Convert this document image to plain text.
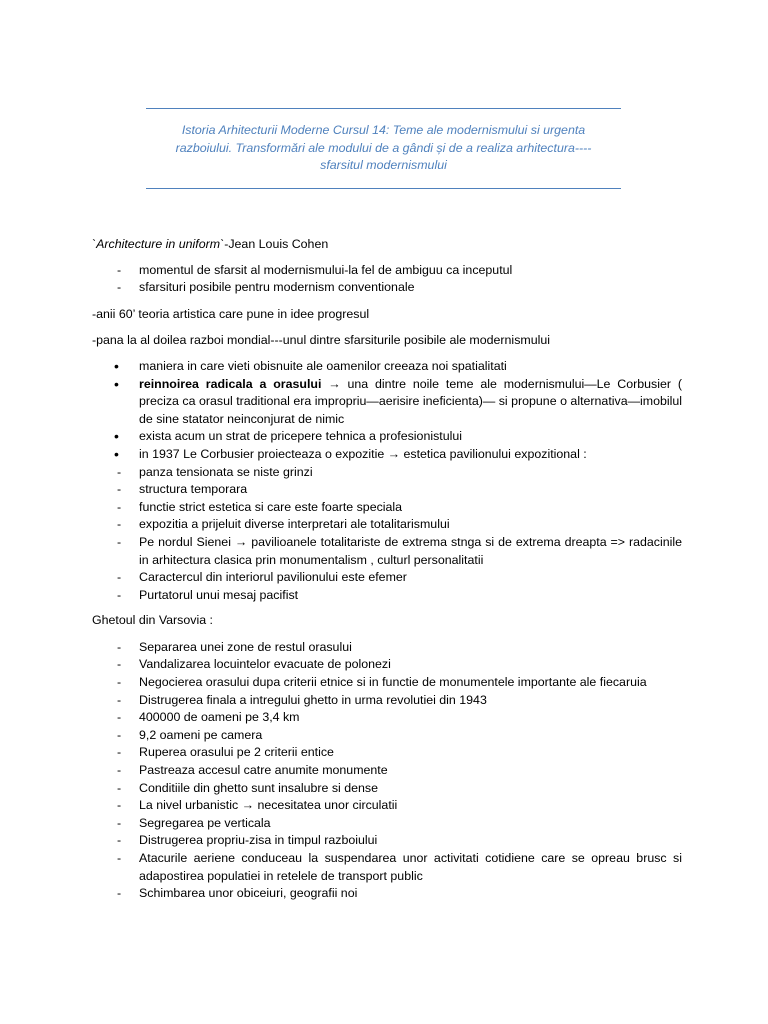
Istoria Arhitecturii Moderne Cursul 14: Teme ale modernismului si urgenta
razboiului. Transformări ale modului de a gândi și de a realiza arhitectura----
sfarsitul modernismului

`Architecture in uniform`-Jean Louis Cohen

-	momentul de sfarsit al modernismului-la fel de ambiguu ca inceputul
-	sfarsituri posibile pentru modernism conventionale

-anii 60’ teoria artistica care pune in idee progresul

-pana la al doilea razboi mondial---unul dintre sfarsiturile posibile ale modernismului

•	maniera in care vieti obisnuite ale oamenilor creeaza noi spatialitati
•	reinnoirea radicala a orasului → una dintre noile teme ale modernismului—Le Corbusier ( preciza ca orasul traditional era impropriu—aerisire ineficienta)— si propune o alternativa—imobilul de sine statator neinconjurat de nimic
•	exista acum un strat de pricepere tehnica a profesionistului
•	in 1937 Le Corbusier proiecteaza o expozitie → estetica pavilionului expozitional :
-	panza tensionata se niste grinzi
-	structura temporara
-	functie strict estetica si care este foarte speciala
-	expozitia a prijeluit diverse interpretari ale totalitarismului
-	Pe nordul Sienei → pavilioanele totalitariste de extrema stnga si de extrema dreapta => radacinile in arhitectura clasica prin monumentalism , culturl personalitatii
-	Caractercul din interiorul pavilionului este efemer
-	Purtatorul unui mesaj pacifist

Ghetoul din Varsovia :

-	Separarea unei zone de restul orasului
-	Vandalizarea locuintelor evacuate de polonezi
-	Negocierea orasului dupa criterii etnice si in functie de monumentele importante ale fiecaruia
-	Distrugerea finala a intregului ghetto in urma revolutiei din 1943
-	400000 de oameni pe 3,4 km
-	9,2 oameni pe camera
-	Ruperea orasului pe 2 criterii entice
-	Pastreaza accesul catre anumite monumente
-	Conditiile din ghetto sunt insalubre si dense
-	La nivel urbanistic → necesitatea unor circulatii
-	Segregarea pe verticala
-	Distrugerea propriu-zisa in timpul razboiului
-	Atacurile aeriene conduceau la suspendarea unor activitati cotidiene care se opreau brusc si adapostirea populatiei in retelele de transport public
-	Schimbarea unor obiceiuri, geografii noi
